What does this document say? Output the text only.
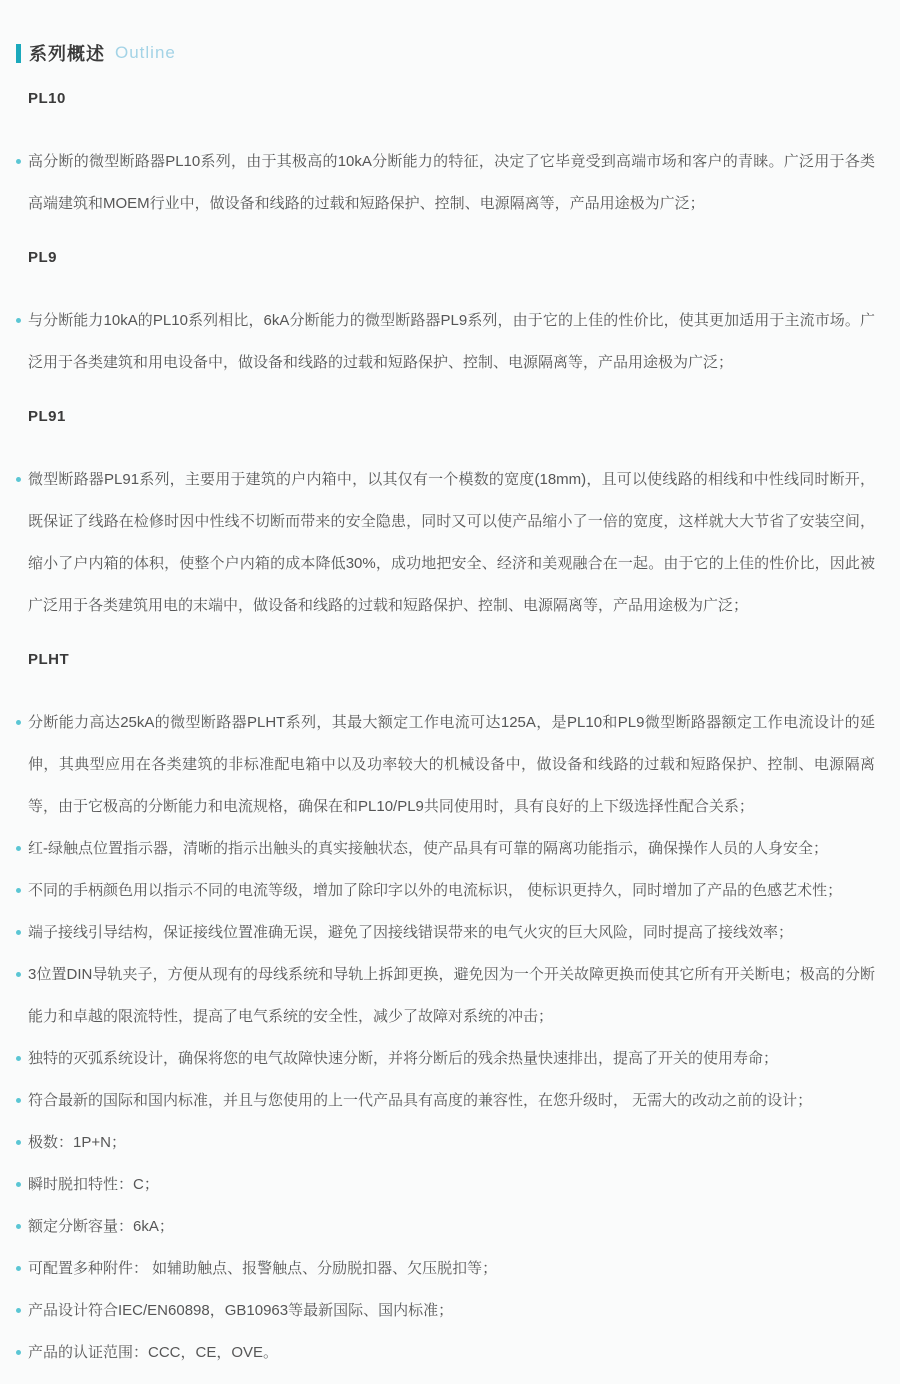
系列概述 Outline
PL10
高分断的微型断路器PL10系列，由于其极高的10kA分断能力的特征，决定了它毕竟受到高端市场和客户的青睐。广泛用于各类高端建筑和MOEM行业中，做设备和线路的过载和短路保护、控制、电源隔离等，产品用途极为广泛；
PL9
与分断能力10kA的PL10系列相比，6kA分断能力的微型断路器PL9系列，由于它的上佳的性价比，使其更加适用于主流市场。广泛用于各类建筑和用电设备中，做设备和线路的过载和短路保护、控制、电源隔离等，产品用途极为广泛；
PL91
微型断路器PL91系列，主要用于建筑的户内箱中，以其仅有一个模数的宽度(18mm)，且可以使线路的相线和中性线同时断开，既保证了线路在检修时因中性线不切断而带来的安全隐患，同时又可以使产品缩小了一倍的宽度，这样就大大节省了安装空间，缩小了户内箱的体积，使整个户内箱的成本降低30%，成功地把安全、经济和美观融合在一起。由于它的上佳的性价比，因此被广泛用于各类建筑用电的末端中，做设备和线路的过载和短路保护、控制、电源隔离等，产品用途极为广泛；
PLHT
分断能力高达25kA的微型断路器PLHT系列，其最大额定工作电流可达125A，是PL10和PL9微型断路器额定工作电流设计的延伸，其典型应用在各类建筑的非标准配电箱中以及功率较大的机械设备中，做设备和线路的过载和短路保护、控制、电源隔离等，由于它极高的分断能力和电流规格，确保在和PL10/PL9共同使用时，具有良好的上下级选择性配合关系；
红-绿触点位置指示器，清晰的指示出触头的真实接触状态，使产品具有可靠的隔离功能指示，确保操作人员的人身安全；
不同的手柄颜色用以指示不同的电流等级，增加了除印字以外的电流标识， 使标识更持久，同时增加了产品的色感艺术性；
端子接线引导结构，保证接线位置准确无误，避免了因接线错误带来的电气火灾的巨大风险，同时提高了接线效率；
3位置DIN导轨夹子，方便从现有的母线系统和导轨上拆卸更换，避免因为一个开关故障更换而使其它所有开关断电；极高的分断能力和卓越的限流特性，提高了电气系统的安全性，减少了故障对系统的冲击；
独特的灭弧系统设计，确保将您的电气故障快速分断，并将分断后的残余热量快速排出，提高了开关的使用寿命；
符合最新的国际和国内标准，并且与您使用的上一代产品具有高度的兼容性，在您升级时， 无需大的改动之前的设计；
极数：1P+N；
瞬时脱扣特性：C；
额定分断容量：6kA；
可配置多种附件： 如辅助触点、报警触点、分励脱扣器、欠压脱扣等；
产品设计符合IEC/EN60898，GB10963等最新国际、国内标准；
产品的认证范围：CCC，CE，OVE。
